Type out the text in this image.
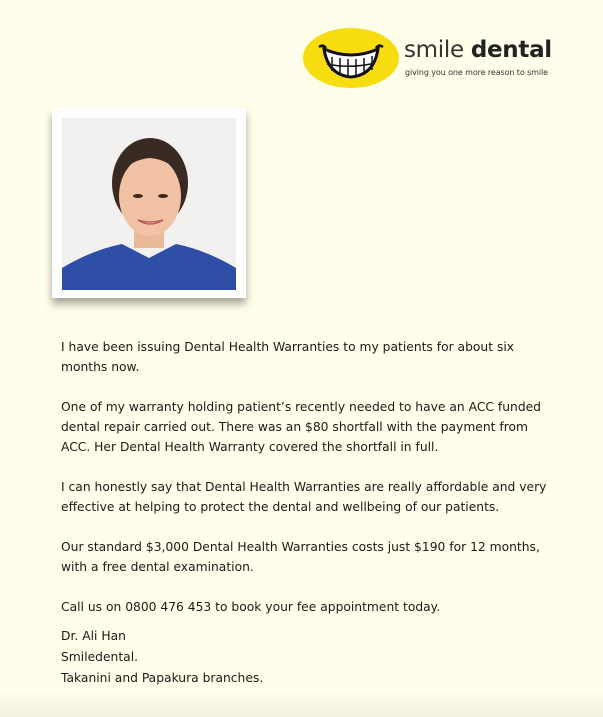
smile dental
giving you one more reason to smile

I have been issuing Dental Health Warranties to my patients for about six months now.

One of my warranty holding patient’s recently needed to have an ACC funded dental repair carried out. There was an $80 shortfall with the payment from ACC. Her Dental Health Warranty covered the shortfall in full.

I can honestly say that Dental Health Warranties are really affordable and very effective at helping to protect the dental and wellbeing of our patients.

Our standard $3,000 Dental Health Warranties costs just $190 for 12 months, with a free dental examination.

Call us on 0800 476 453 to book your fee appointment today.

Dr. Ali Han
Smiledental.
Takanini and Papakura branches.
